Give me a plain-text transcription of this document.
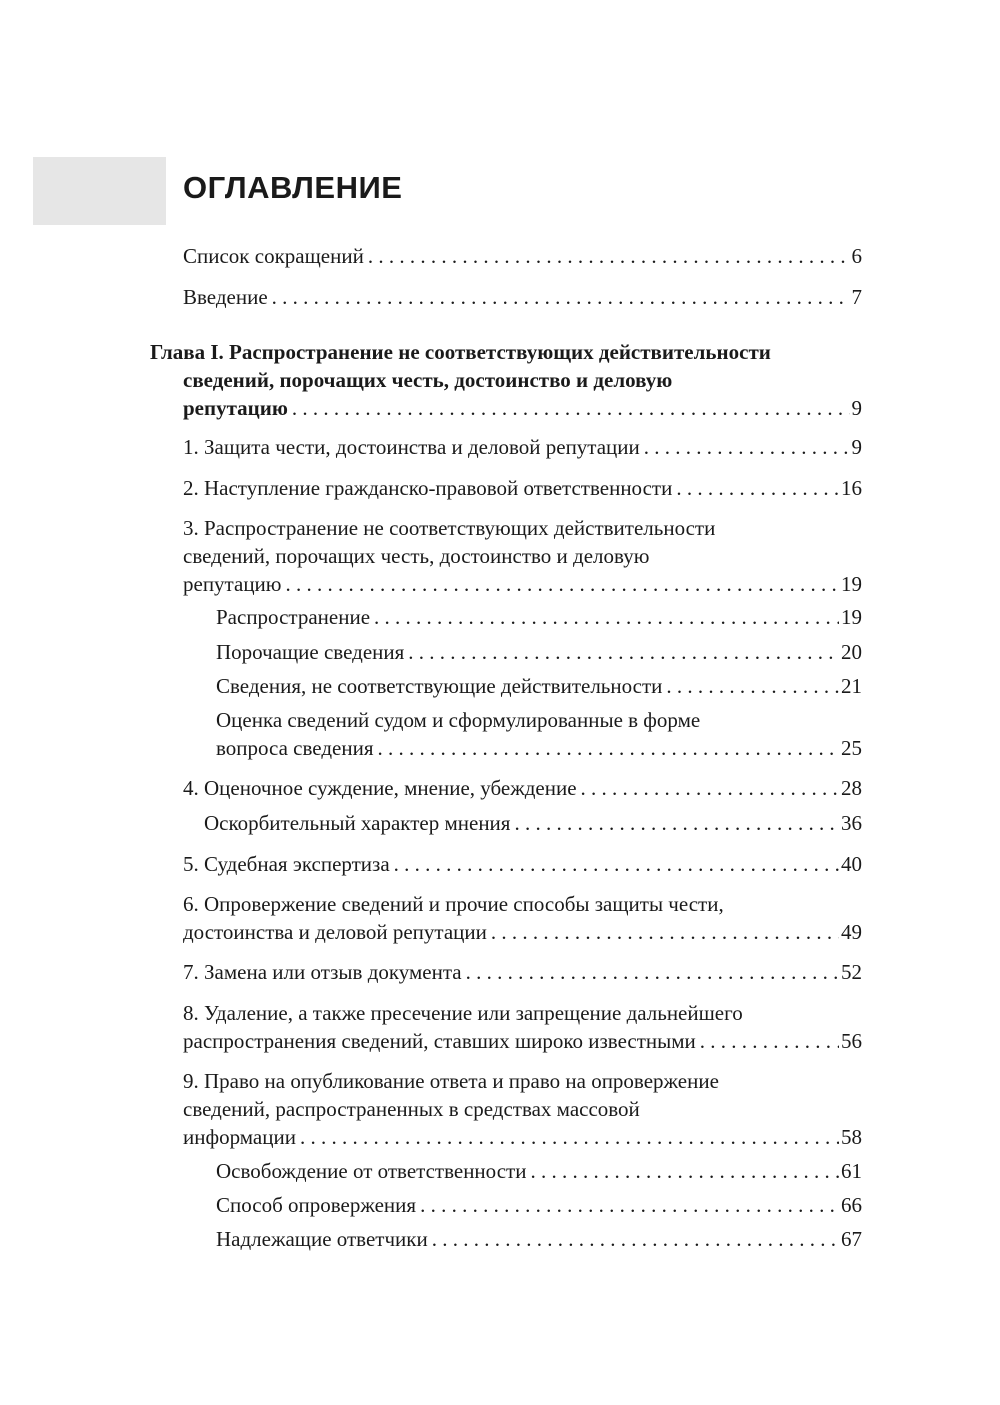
ОГЛАВЛЕНИЕ
Список сокращений . . .	6
Введение . . .	7
Глава I. Распространение не соответствующих действительности
сведений, порочащих честь, достоинство и деловую
репутацию . . .	9
1. Защита чести, достоинства и деловой репутации . . .	9
2. Наступление гражданско-правовой ответственности . . .	16
3. Распространение не соответствующих действительности
сведений, порочащих честь, достоинство и деловую
репутацию . . .	19
Распространение . . .	19
Порочащие сведения . . .	20
Сведения, не соответствующие действительности . . .	21
Оценка сведений судом и сформулированные в форме
вопроса сведения . . .	25
4. Оценочное суждение, мнение, убеждение . . .	28
Оскорбительный характер мнения . . .	36
5. Судебная экспертиза . . .	40
6. Опровержение сведений и прочие способы защиты чести,
достоинства и деловой репутации . . .	49
7. Замена или отзыв документа . . .	52
8. Удаление, а также пресечение или запрещение дальнейшего
распространения сведений, ставших широко известными . . .	56
9. Право на опубликование ответа и право на опровержение
сведений, распространенных в средствах массовой
информации . . .	58
Освобождение от ответственности . . .	61
Способ опровержения . . .	66
Надлежащие ответчики . . .	67
